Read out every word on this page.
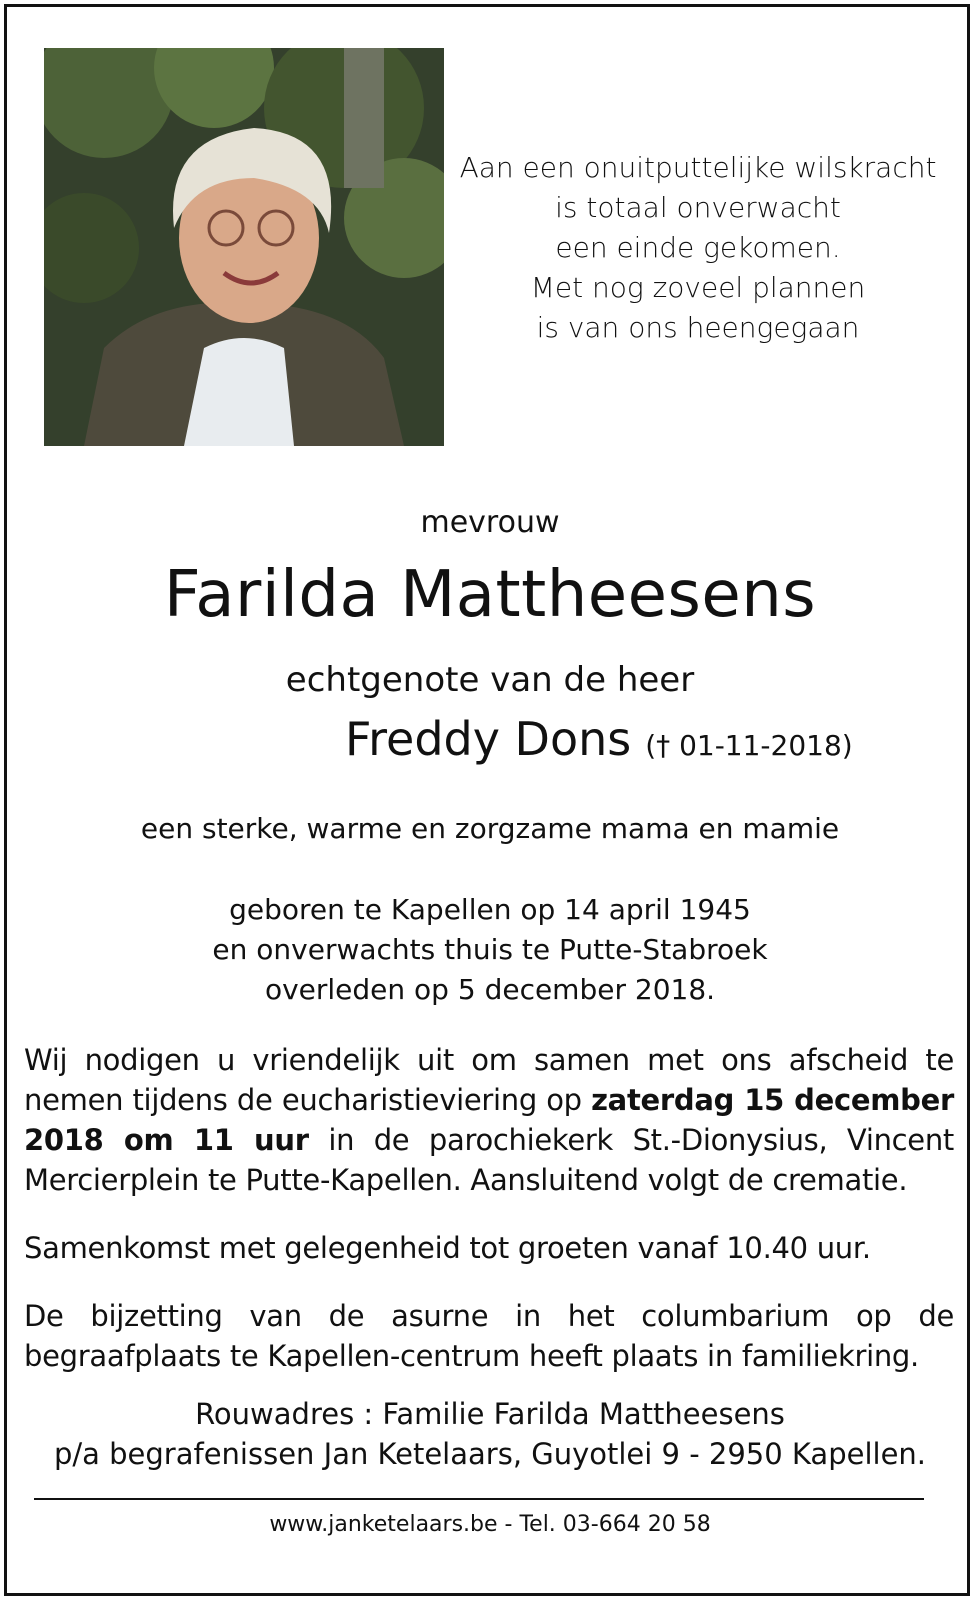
Aan een onuitputtelijke wilskracht
is totaal onverwacht
een einde gekomen.
Met nog zoveel plannen
is van ons heengegaan
mevrouw
Farilda Mattheesens
echtgenote van de heer
Freddy Dons († 01-11-2018)
een sterke, warme en zorgzame mama en mamie
geboren te Kapellen op 14 april 1945
en onverwachts thuis te Putte-Stabroek
overleden op 5 december 2018.
Wij nodigen u vriendelijk uit om samen met ons afscheid te nemen tijdens de eucharistieviering op zaterdag 15 december 2018 om 11 uur in de parochiekerk St.-Dionysius, Vincent Mercierplein te Putte-Kapellen. Aansluitend volgt de crematie.
Samenkomst met gelegenheid tot groeten vanaf 10.40 uur.
De bijzetting van de asurne in het columbarium op de begraafplaats te Kapellen-centrum heeft plaats in familiekring.
Rouwadres : Familie Farilda Mattheesens
p/a begrafenissen Jan Ketelaars, Guyotlei 9 - 2950 Kapellen.
www.janketelaars.be - Tel. 03-664 20 58
